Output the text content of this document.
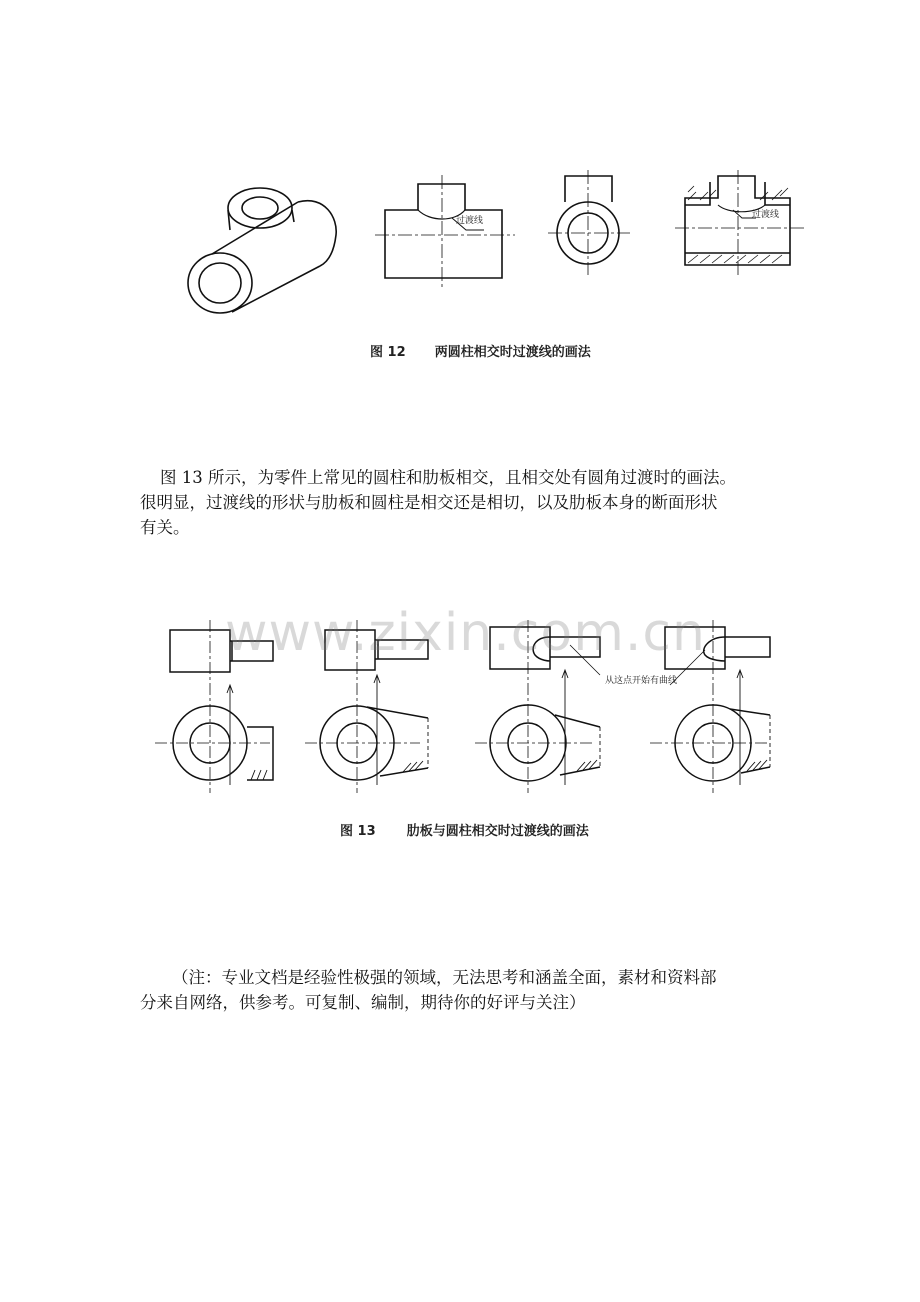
过渡线
过渡线
图 12 两圆柱相交时过渡线的画法

图 13 所示，为零件上常见的圆柱和肋板相交，且相交处有圆角过渡时的画法。
很明显，过渡线的形状与肋板和圆柱是相交还是相切，以及肋板本身的断面形状
有关。

从这点开始有曲线
www.zixin.com.cn
图 13 肋板与圆柱相交时过渡线的画法

（注：专业文档是经验性极强的领域，无法思考和涵盖全面，素材和资料部
分来自网络，供参考。可复制、编制，期待你的好评与关注）
